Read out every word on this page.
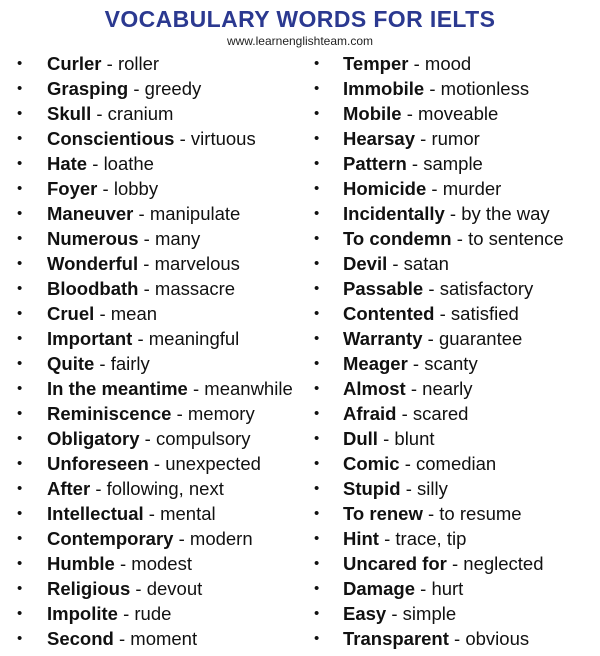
VOCABULARY WORDS FOR IELTS
www.learnenglishteam.com
• Curler - roller
• Grasping - greedy
• Skull - cranium
• Conscientious - virtuous
• Hate - loathe
• Foyer - lobby
• Maneuver - manipulate
• Numerous - many
• Wonderful - marvelous
• Bloodbath - massacre
• Cruel - mean
• Important - meaningful
• Quite - fairly
• In the meantime - meanwhile
• Reminiscence - memory
• Obligatory - compulsory
• Unforeseen - unexpected
• After - following, next
• Intellectual - mental
• Contemporary - modern
• Humble - modest
• Religious - devout
• Impolite - rude
• Second - moment
• Temper - mood
• Immobile - motionless
• Mobile - moveable
• Hearsay - rumor
• Pattern - sample
• Homicide - murder
• Incidentally - by the way
• To condemn - to sentence
• Devil - satan
• Passable - satisfactory
• Contented - satisfied
• Warranty - guarantee
• Meager - scanty
• Almost - nearly
• Afraid - scared
• Dull - blunt
• Comic - comedian
• Stupid - silly
• To renew - to resume
• Hint - trace, tip
• Uncared for - neglected
• Damage - hurt
• Easy - simple
• Transparent - obvious
